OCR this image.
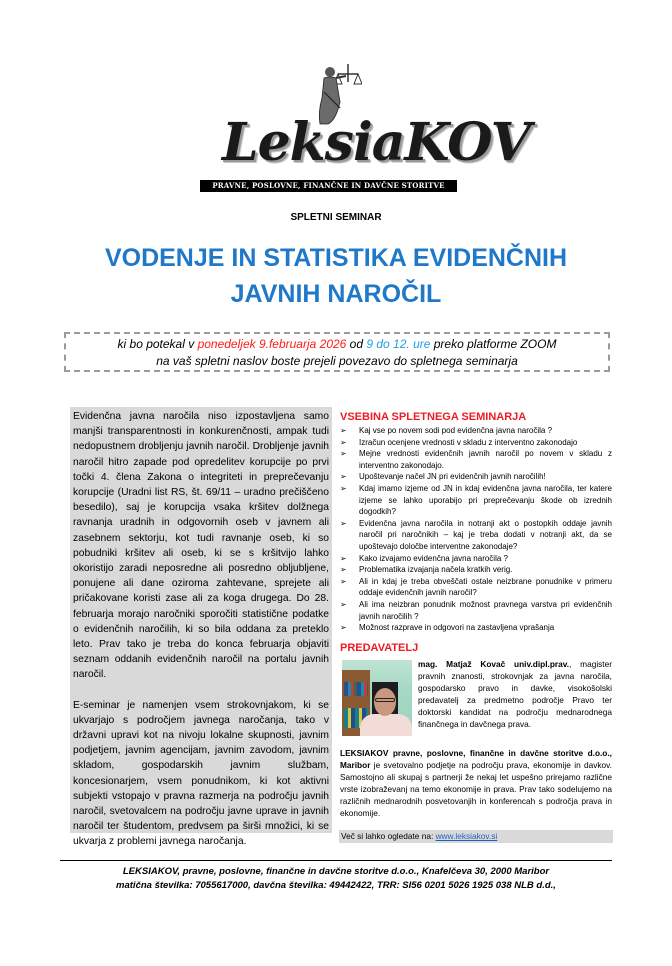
LeksiaKOV
PRAVNE, POSLOVNE, FINANČNE IN DAVČNE STORITVE
SPLETNI SEMINAR
VODENJE IN STATISTIKA EVIDENČNIH
JAVNIH NAROČIL
ki bo potekal v ponedeljek 9.februarja 2026 od 9 do 12. ure preko platforme ZOOM
na vaš spletni naslov boste prejeli povezavo do spletnega seminarja

Evidenčna javna naročila niso izpostavljena samo manjši transparentnosti in konkurenčnosti, ampak tudi nedopustnem drobljenju javnih naročil. Drobljenje javnih naročil hitro zapade pod opredelitev korupcije po prvi točki 4. člena Zakona o integriteti in preprečevanju korupcije (Uradni list RS, št. 69/11 – uradno prečiščeno besedilo), saj je korupcija vsaka kršitev dolžnega ravnanja uradnih in odgovornih oseb v javnem ali zasebnem sektorju, kot tudi ravnanje oseb, ki so pobudniki kršitev ali oseb, ki se s kršitvijo lahko okoristijo zaradi neposredne ali posredno obljubljene, ponujene ali dane oziroma zahtevane, sprejete ali pričakovane koristi zase ali za koga drugega. Do 28. februarja morajo naročniki sporočiti statistične podatke o evidenčnih naročilih, ki so bila oddana za preteklo leto. Prav tako je treba do konca februarja objaviti seznam oddanih evidenčnih naročil na portalu javnih naročil.

E-seminar je namenjen vsem strokovnjakom, ki se ukvarjajo s področjem javnega naročanja, tako v državni upravi kot na nivoju lokalne skupnosti, javnim podjetjem, javnim agencijam, javnim zavodom, javnim skladom, gospodarskih javnim službam, koncesionarjem, vsem ponudnikom, ki kot aktivni subjekti vstopajo v pravna razmerja na področju javnih naročil, svetovalcem na področju javne uprave in javnih naročil ter študentom, predvsem pa širši množici, ki se ukvarja z problemi javnega naročanja.

VSEBINA SPLETNEGA SEMINARJA
➢ Kaj vse po novem sodi pod evidenčna javna naročila ?
➢ Izračun ocenjene vrednosti v skladu z interventno zakonodajo
➢ Mejne vrednosti evidenčnih javnih naročil po novem v skladu z interventno zakonodajo.
➢ Upoštevanje načel JN pri evidenčnih javnih naročilih!
➢ Kdaj imamo izjeme od JN in kdaj evidenčna javna naročila, ter katere izjeme se lahko uporabijo pri preprečevanju škode ob izrednih dogodkih?
➢ Evidenčna javna naročila in notranji akt o postopkih oddaje javnih naročil pri naročnikih – kaj je treba dodati v notranji akt, da se upoštevajo določbe interventne zakonodaje?
➢ Kako izvajamo evidenčna javna naročila ?
➢ Problematika izvajanja načela kratkih verig.
➢ Ali in kdaj je treba obveščati ostale neizbrane ponudnike v primeru oddaje evidenčnih javnih naročil?
➢ Ali ima neizbran ponudnik možnost pravnega varstva pri evidenčnih javnih naročilih ?
➢ Možnost razprave in odgovori na zastavljena vprašanja
PREDAVATELJ
mag. Matjaž Kovač univ.dipl.prav., magister pravnih znanosti, strokovnjak za javna naročila, gospodarsko pravo in davke, visokošolski predavatelj za predmetno področje Pravo ter doktorski kandidat na področju mednarodnega finančnega in davčnega prava.
LEKSIAKOV pravne, poslovne, finančne in davčne storitve d.o.o., Maribor je svetovalno podjetje na področju prava, ekonomije in davkov. Samostojno ali skupaj s partnerji že nekaj let uspešno prirejamo različne vrste izobraževanj na temo ekonomije in prava. Prav tako sodelujemo na različnih mednarodnih posvetovanjih in konferencah s področja prava in ekonomije.
Več si lahko ogledate na: www.leksiakov.si
LEKSIAKOV, pravne, poslovne, finančne in davčne storitve d.o.o., Knafelčeva 30, 2000 Maribor
matična številka: 7055617000, davčna številka: 49442422, TRR: SI56 0201 5026 1925 038 NLB d.d.,
